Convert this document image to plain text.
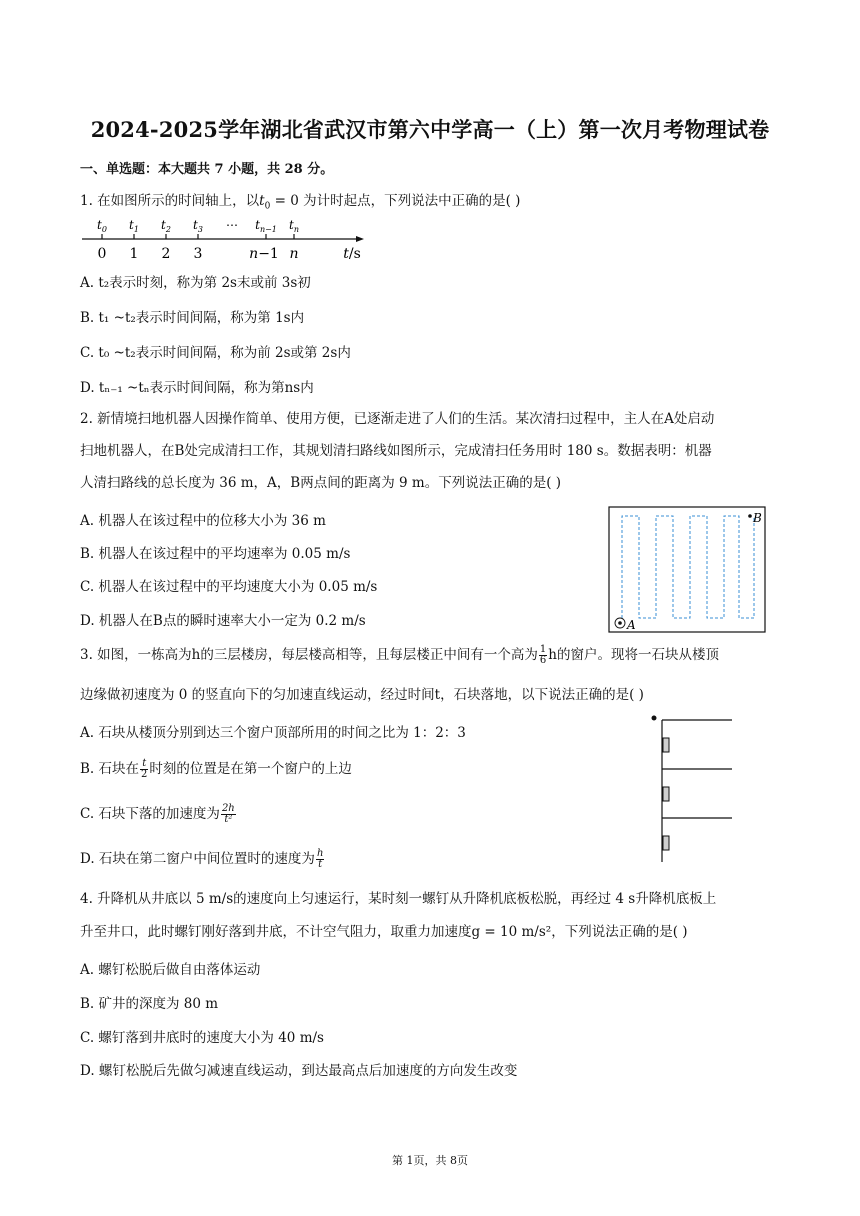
2024-2025学年湖北省武汉市第六中学高一（上）第一次月考物理试卷
一、单选题：本大题共 7 小题，共 28 分。
1. 在如图所示的时间轴上，以$t_0 = 0$ 为计时起点，下列说法中正确的是( )
$t_0$ $t_1$ $t_2$ $t_3$ ⋯ $t_{n-1}$ $t_n$
0 1 2 3	n−1 n	t/s
A. t₂表示时刻，称为第 2s末或前 3s初
B. t₁ ~t₂表示时间间隔，称为第 1s内
C. t₀ ~t₂表示时间间隔，称为前 2s或第 2s内
D. tₙ₋₁ ~tₙ表示时间间隔，称为第ns内
2. 新情境扫地机器人因操作简单、使用方便，已逐渐走进了人们的生活。某次清扫过程中，主人在A处启动
扫地机器人，在B处完成清扫工作，其规划清扫路线如图所示，完成清扫任务用时 180 s。数据表明：机器
人清扫路线的总长度为 36 m，A，B两点间的距离为 9 m。下列说法正确的是( )
A. 机器人在该过程中的位移大小为 36 m
B. 机器人在该过程中的平均速率为 0.05 m/s
C. 机器人在该过程中的平均速度大小为 0.05 m/s
D. 机器人在B点的瞬时速率大小一定为 0.2 m/s	A
B
3. 如图，一栋高为h的三层楼房，每层楼高相等，且每层楼正中间有一个高为 $\frac{1}{6}$ h的窗户。现将一石块从楼顶
边缘做初速度为 0 的竖直向下的匀加速直线运动，经过时间t，石块落地，以下说法正确的是( )
A. 石块从楼顶分别到达三个窗户顶部所用的时间之比为 1：2：3
B. 石块在 $\frac{t}{2}$ 时刻的位置是在第一个窗户的上边
C. 石块下落的加速度为 $\frac{2h}{\text{t²}}$
D. 石块在第二窗户中间位置时的速度为 $\frac{h}{t}$
4. 升降机从井底以 5 m/s的速度向上匀速运行，某时刻一螺钉从升降机底板松脱，再经过 4 s升降机底板上
升至井口，此时螺钉刚好落到井底，不计空气阻力，取重力加速度g = 10 m/s²，下列说法正确的是( )
A. 螺钉松脱后做自由落体运动
B. 矿井的深度为 80 m
C. 螺钉落到井底时的速度大小为 40 m/s
D. 螺钉松脱后先做匀减速直线运动，到达最高点后加速度的方向发生改变
第 1页，共 8页
